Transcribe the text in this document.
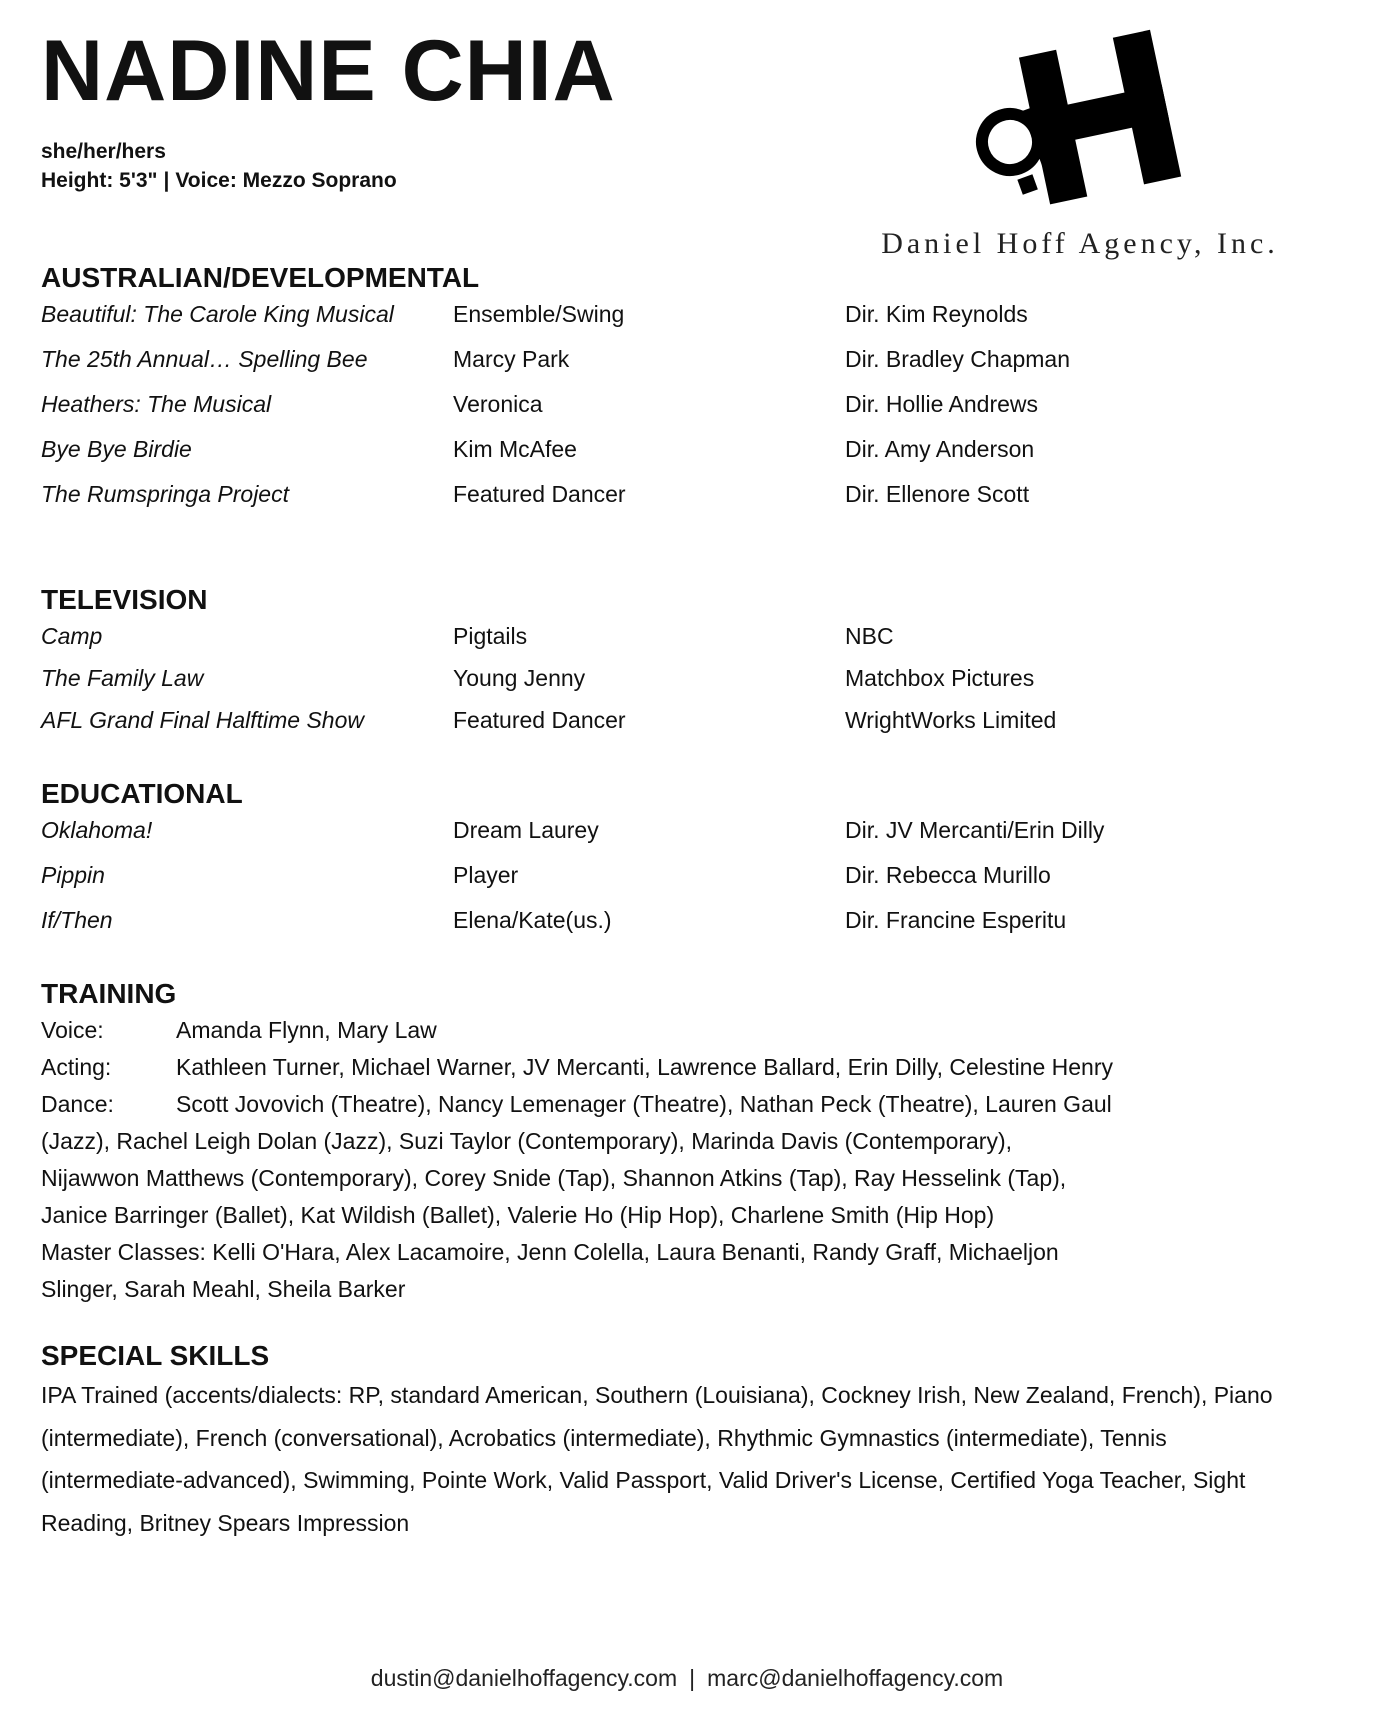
NADINE CHIA
she/her/hers
Height: 5'3" | Voice: Mezzo Soprano
Daniel Hoff Agency, Inc.
AUSTRALIAN/DEVELOPMENTAL
Beautiful: The Carole King Musical	Ensemble/Swing	Dir. Kim Reynolds
The 25th Annual… Spelling Bee	Marcy Park	Dir. Bradley Chapman
Heathers: The Musical	Veronica	Dir. Hollie Andrews
Bye Bye Birdie	Kim McAfee	Dir. Amy Anderson
The Rumspringa Project	Featured Dancer	Dir. Ellenore Scott
TELEVISION
Camp	Pigtails	NBC
The Family Law	Young Jenny	Matchbox Pictures
AFL Grand Final Halftime Show	Featured Dancer	WrightWorks Limited
EDUCATIONAL
Oklahoma!	Dream Laurey	Dir. JV Mercanti/Erin Dilly
Pippin	Player	Dir. Rebecca Murillo
If/Then	Elena/Kate(us.)	Dir. Francine Esperitu
TRAINING
Voice:	Amanda Flynn, Mary Law
Acting:	Kathleen Turner, Michael Warner, JV Mercanti, Lawrence Ballard, Erin Dilly, Celestine Henry
Dance:	Scott Jovovich (Theatre), Nancy Lemenager (Theatre), Nathan Peck (Theatre), Lauren Gaul
(Jazz), Rachel Leigh Dolan (Jazz), Suzi Taylor (Contemporary), Marinda Davis (Contemporary),
Nijawwon Matthews (Contemporary), Corey Snide (Tap), Shannon Atkins (Tap), Ray Hesselink (Tap),
Janice Barringer (Ballet), Kat Wildish (Ballet), Valerie Ho (Hip Hop), Charlene Smith (Hip Hop)
Master Classes: Kelli O'Hara, Alex Lacamoire, Jenn Colella, Laura Benanti, Randy Graff, Michaeljon
Slinger, Sarah Meahl, Sheila Barker
SPECIAL SKILLS
IPA Trained (accents/dialects: RP, standard American, Southern (Louisiana), Cockney Irish, New Zealand, French), Piano (intermediate), French (conversational), Acrobatics (intermediate), Rhythmic Gymnastics (intermediate), Tennis (intermediate-advanced), Swimming, Pointe Work, Valid Passport, Valid Driver's License, Certified Yoga Teacher, Sight Reading, Britney Spears Impression
dustin@danielhoffagency.com | marc@danielhoffagency.com
